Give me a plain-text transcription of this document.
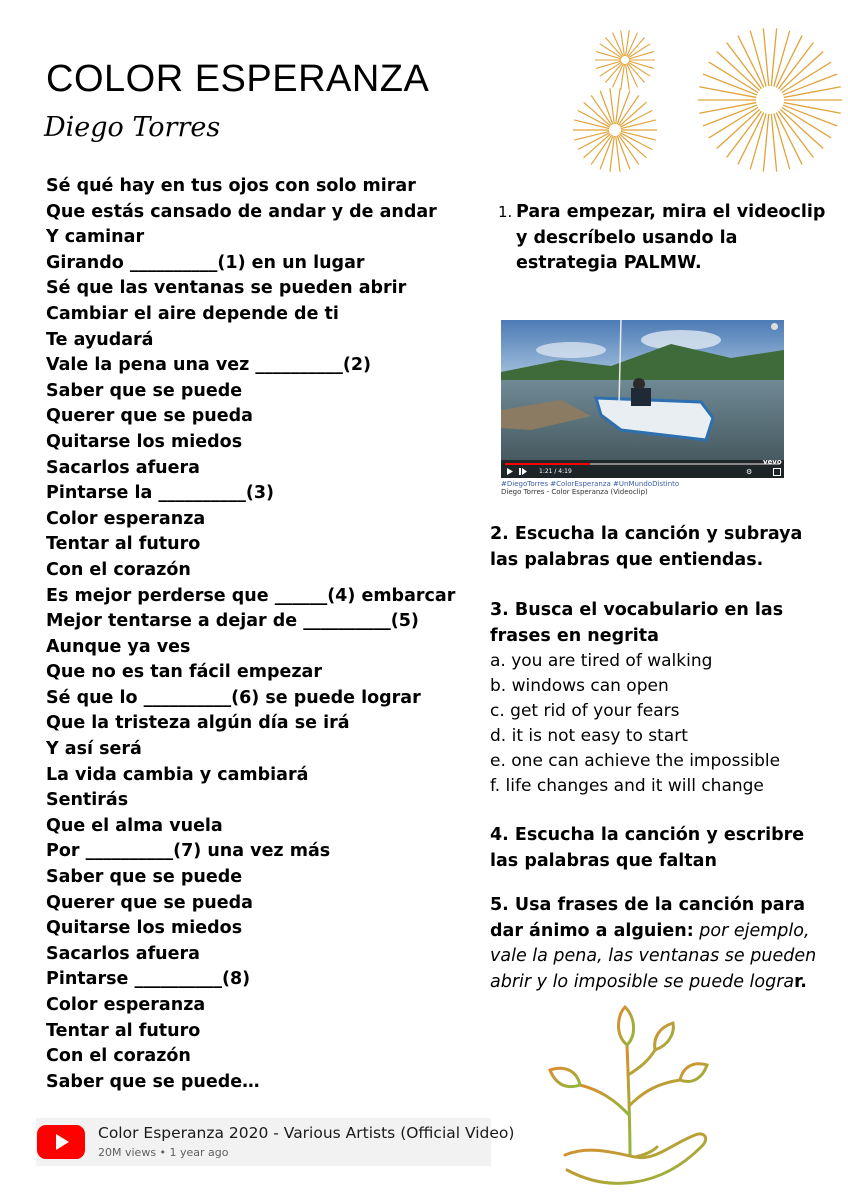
COLOR ESPERANZA
Diego Torres
Sé qué hay en tus ojos con solo mirar
Que estás cansado de andar y de andar
Y caminar
Girando __________(1) en un lugar
Sé que las ventanas se pueden abrir
Cambiar el aire depende de ti
Te ayudará
Vale la pena una vez __________(2)
Saber que se puede
Querer que se pueda
Quitarse los miedos
Sacarlos afuera
Pintarse la __________(3)
Color esperanza
Tentar al futuro
Con el corazón
Es mejor perderse que ______(4) embarcar
Mejor tentarse a dejar de __________(5)
Aunque ya ves
Que no es tan fácil empezar
Sé que lo __________(6) se puede lograr
Que la tristeza algún día se irá
Y así será
La vida cambia y cambiará
Sentirás
Que el alma vuela
Por __________(7) una vez más
Saber que se puede
Querer que se pueda
Quitarse los miedos
Sacarlos afuera
Pintarse __________(8)
Color esperanza
Tentar al futuro
Con el corazón
Saber que se puede…
1. Para empezar, mira el videoclip y descríbelo usando la estrategia PALMW.
1:21 / 4:19
vevo
⚙
#DiegoTorres #ColorEsperanza #UnMundoDistinto
Diego Torres - Color Esperanza (Videoclip)

2. Escucha la canción y subraya las palabras que entiendas.

3. Busca el vocabulario en las frases en negrita

a. you are tired of walking
b. windows can open
c. get rid of your fears
d. it is not easy to start
e. one can achieve the impossible
f. life changes and it will change

4. Escucha la canción y escribre las palabras que faltan

5. Usa frases de la canción para dar ánimo a alguien: por ejemplo, vale la pena, las ventanas se pueden abrir y lo imposible se puede lograr.

Color Esperanza 2020 - Various Artists (Official Video)
20M views • 1 year ago
